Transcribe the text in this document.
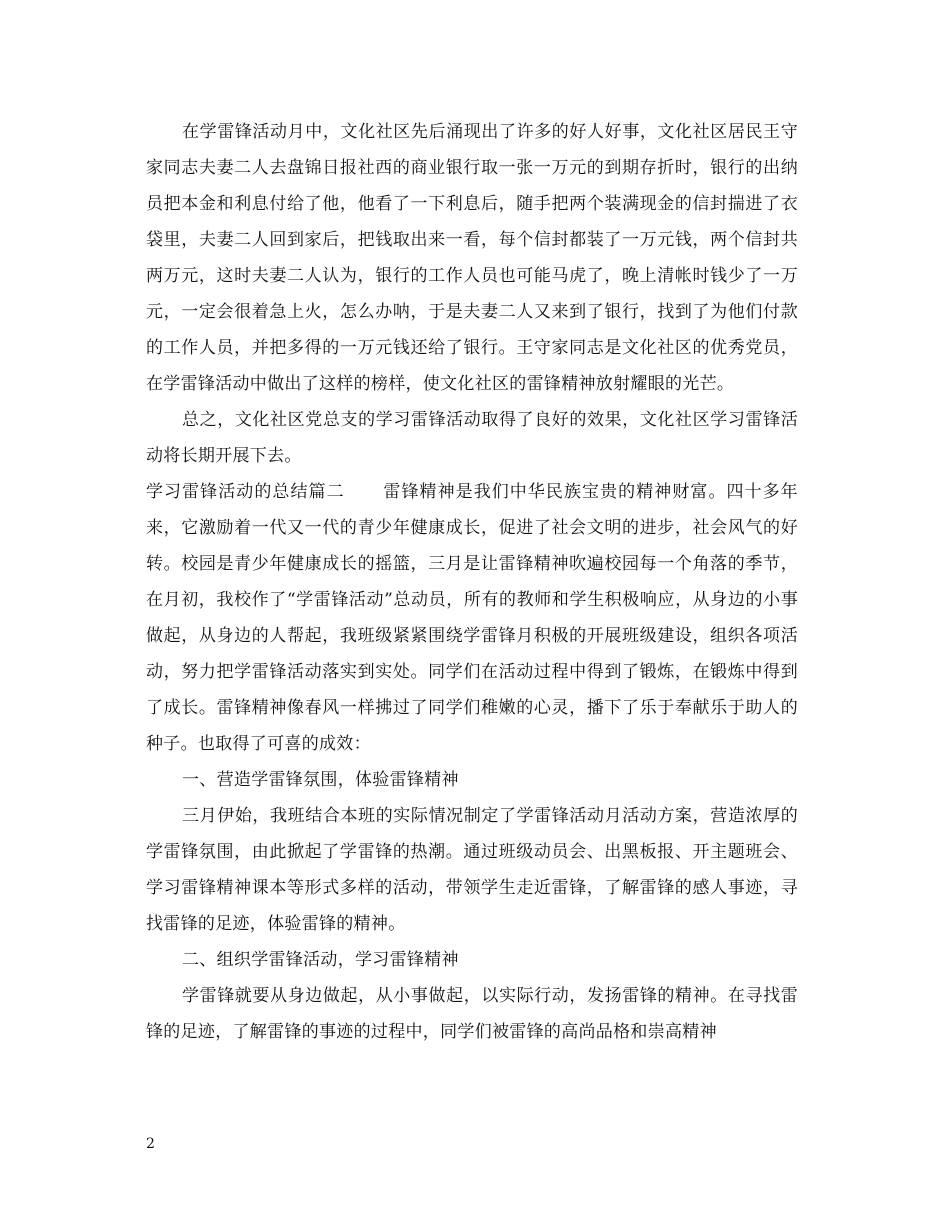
在学雷锋活动月中，文化社区先后涌现出了许多的好人好事，文化社区居民王守家同志夫妻二人去盘锦日报社西的商业银行取一张一万元的到期存折时，银行的出纳员把本金和利息付给了他，他看了一下利息后，随手把两个装满现金的信封揣进了衣袋里，夫妻二人回到家后，把钱取出来一看，每个信封都装了一万元钱，两个信封共两万元，这时夫妻二人认为，银行的工作人员也可能马虎了，晚上清帐时钱少了一万元，一定会很着急上火，怎么办呐，于是夫妻二人又来到了银行，找到了为他们付款的工作人员，并把多得的一万元钱还给了银行。王守家同志是文化社区的优秀党员，在学雷锋活动中做出了这样的榜样，使文化社区的雷锋精神放射耀眼的光芒。

总之，文化社区党总支的学习雷锋活动取得了良好的效果，文化社区学习雷锋活动将长期开展下去。

学习雷锋活动的总结篇二 雷锋精神是我们中华民族宝贵的精神财富。四十多年来，它激励着一代又一代的青少年健康成长，促进了社会文明的进步，社会风气的好转。校园是青少年健康成长的摇篮，三月是让雷锋精神吹遍校园每一个角落的季节，在月初，我校作了“学雷锋活动”总动员，所有的教师和学生积极响应，从身边的小事做起，从身边的人帮起，我班级紧紧围绕学雷锋月积极的开展班级建设，组织各项活动，努力把学雷锋活动落实到实处。同学们在活动过程中得到了锻炼，在锻炼中得到了成长。雷锋精神像春风一样拂过了同学们稚嫩的心灵，播下了乐于奉献乐于助人的种子。也取得了可喜的成效：

一、营造学雷锋氛围，体验雷锋精神

三月伊始，我班结合本班的实际情况制定了学雷锋活动月活动方案，营造浓厚的学雷锋氛围，由此掀起了学雷锋的热潮。通过班级动员会、出黑板报、开主题班会、学习雷锋精神课本等形式多样的活动，带领学生走近雷锋，了解雷锋的感人事迹，寻找雷锋的足迹，体验雷锋的精神。

二、组织学雷锋活动，学习雷锋精神

学雷锋就要从身边做起，从小事做起，以实际行动，发扬雷锋的精神。在寻找雷锋的足迹，了解雷锋的事迹的过程中，同学们被雷锋的高尚品格和崇高精神

2
